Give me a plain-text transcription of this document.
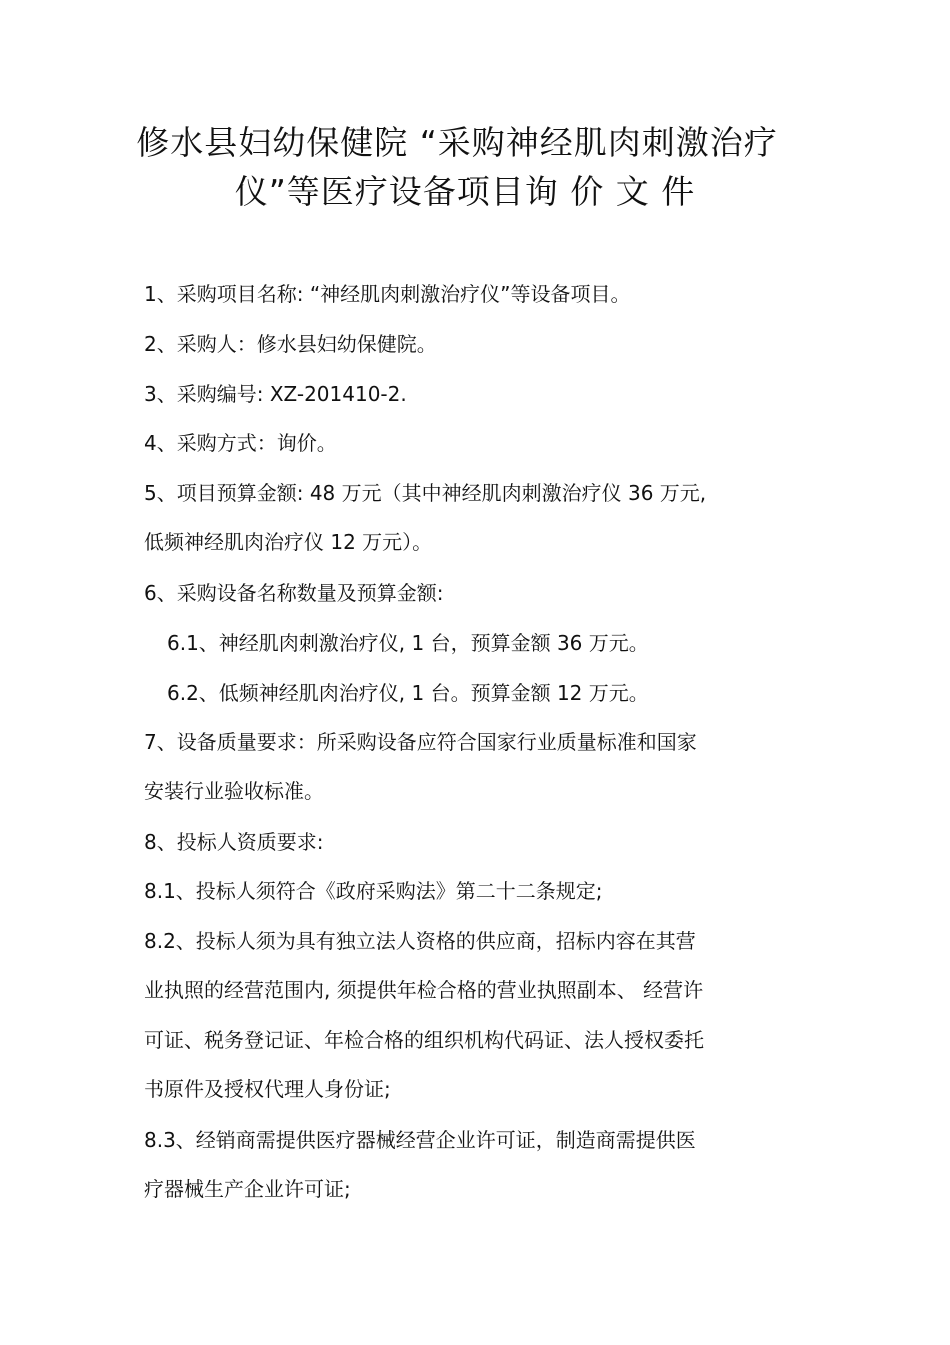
修水县妇幼保健院 “采购神经肌肉刺激治疗
仪”等医疗设备项目询 价 文 件

1、采购项目名称: “神经肌肉刺激治疗仪”等设备项目。

2、采购人：修水县妇幼保健院。

3、采购编号: XZ-201410-2.

4、采购方式：询价。

5、项目预算金额: 48 万元（其中神经肌肉刺激治疗仪 36 万元,

低频神经肌肉治疗仪 12 万元）。

6、采购设备名称数量及预算金额:

6.1、神经肌肉刺激治疗仪, 1 台，预算金额 36 万元。

6.2、低频神经肌肉治疗仪, 1 台。预算金额 12 万元。

7、设备质量要求：所采购设备应符合国家行业质量标准和国家

安装行业验收标准。

8、投标人资质要求:

8.1、投标人须符合《政府采购法》第二十二条规定;

8.2、投标人须为具有独立法人资格的供应商，招标内容在其营

业执照的经营范围内, 须提供年检合格的营业执照副本、 经营许

可证、税务登记证、年检合格的组织机构代码证、法人授权委托

书原件及授权代理人身份证;

8.3、经销商需提供医疗器械经营企业许可证，制造商需提供医

疗器械生产企业许可证;
